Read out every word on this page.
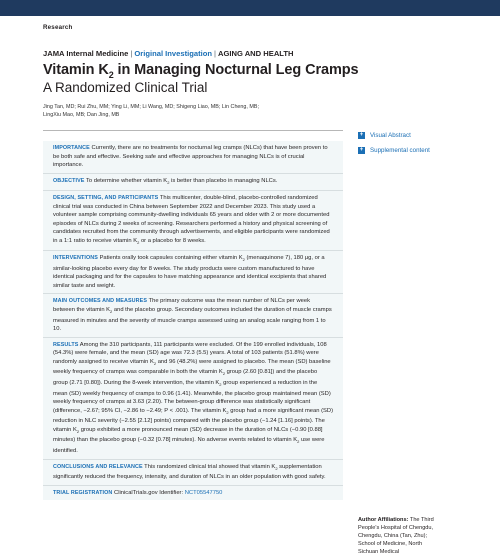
Research
JAMA Internal Medicine | Original Investigation | AGING AND HEALTH
Vitamin $K_2$ in Managing Nocturnal Leg Cramps
A Randomized Clinical Trial
Jing Tan, MD; Rui Zhu, MM; Ying Li, MM; Li Wang, MD; Shigeng Liao, MB; Lin Cheng, MB;
LingXiu Mao, MB; Dan Jing, MB
IMPORTANCE Currently, there are no treatments for nocturnal leg cramps (NLCs) that have been proven to be both safe and effective. Seeking safe and effective approaches for managing NLCs is of crucial importance.
OBJECTIVE To determine whether vitamin $K_2$ is better than placebo in managing NLCs.
DESIGN, SETTING, AND PARTICIPANTS This multicenter, double-blind, placebo-controlled randomized clinical trial was conducted in China between September 2022 and December 2023. This study used a volunteer sample comprising community-dwelling individuals 65 years and older with 2 or more documented episodes of NLCs during 2 weeks of screening. Researchers performed a history and physical screening of candidates recruited from the community through advertisements, and eligible participants were randomized in a 1:1 ratio to receive vitamin $K_2$ or a placebo for 8 weeks.
INTERVENTIONS Patients orally took capsules containing either vitamin $K_2$ (menaquinone 7), 180 μg, or a similar-looking placebo every day for 8 weeks. The study products were custom manufactured to have identical packaging and for the capsules to have matching appearance and identical excipients that shared similar taste and weight.
MAIN OUTCOMES AND MEASURES The primary outcome was the mean number of NLCs per week between the vitamin $K_2$ and the placebo group. Secondary outcomes included the duration of muscle cramps measured in minutes and the severity of muscle cramps assessed using an analog scale ranging from 1 to 10.
RESULTS Among the 310 participants, 111 participants were excluded. Of the 199 enrolled individuals, 108 (54.3%) were female, and the mean (SD) age was 72.3 (5.5) years. A total of 103 patients (51.8%) were randomly assigned to receive vitamin $K_2$ and 96 (48.2%) were assigned to placebo. The mean (SD) baseline weekly frequency of cramps was comparable in both the vitamin $K_2$ group (2.60 [0.81]) and the placebo group (2.71 [0.80]). During the 8-week intervention, the vitamin $K_2$ group experienced a reduction in the mean (SD) weekly frequency of cramps to 0.96 (1.41). Meanwhile, the placebo group maintained mean (SD) weekly frequency of cramps at 3.63 (2.20). The between-group difference was statistically significant (difference, −2.67; 95% CI, −2.86 to −2.49; P < .001). The vitamin $K_2$ group had a more significant mean (SD) reduction in NLC severity (−2.55 [2.12] points) compared with the placebo group (−1.24 [1.16] points). The vitamin $K_2$ group exhibited a more pronounced mean (SD) decrease in the duration of NLCs (−0.90 [0.88] minutes) than the placebo group (−0.32 [0.78] minutes). No adverse events related to vitamin $K_2$ use were identified.
CONCLUSIONS AND RELEVANCE This randomized clinical trial showed that vitamin $K_2$ supplementation significantly reduced the frequency, intensity, and duration of NLCs in an older population with good safety.
TRIAL REGISTRATION ClinicalTrials.gov Identifier: NCT05547750
+ Visual Abstract
+ Supplemental content
Author Affiliations: The Third People's Hospital of Chengdu, Chengdu, China (Tan, Zhu); School of Medicine, North Sichuan Medical
